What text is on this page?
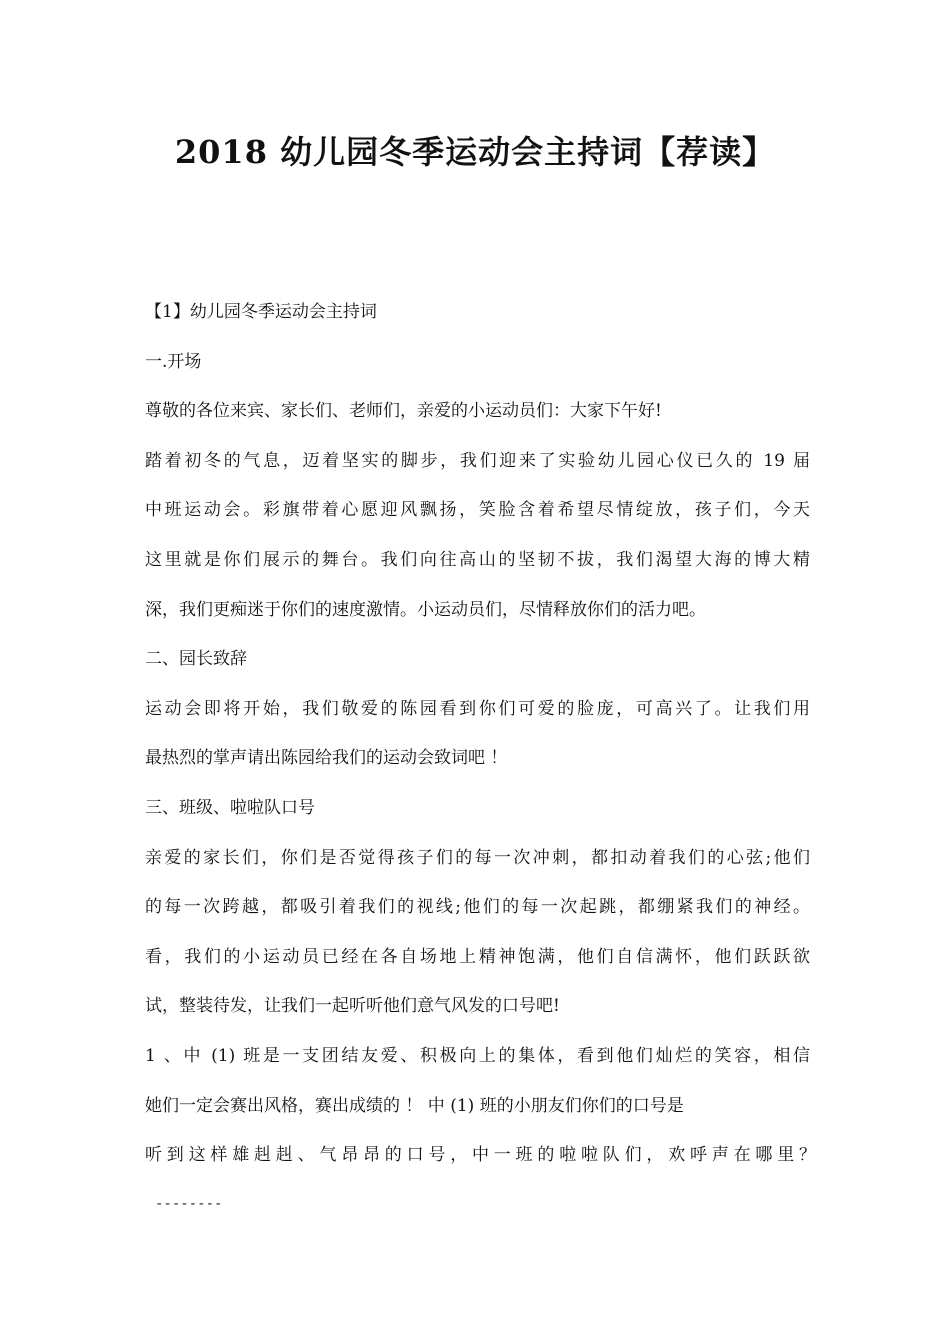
2018 幼儿园冬季运动会主持词【荐读】

【1】幼儿园冬季运动会主持词

一.开场

尊敬的各位来宾、家长们、老师们，亲爱的小运动员们：大家下午好!

踏着初冬的气息，迈着坚实的脚步，我们迎来了实验幼儿园心仪已久的 19 届

中班运动会。彩旗带着心愿迎风飘扬，笑脸含着希望尽情绽放，孩子们，今天

这里就是你们展示的舞台。我们向往高山的坚韧不拔，我们渴望大海的博大精

深，我们更痴迷于你们的速度激情。小运动员们，尽情释放你们的活力吧。

二、园长致辞

运动会即将开始，我们敬爱的陈园看到你们可爱的脸庞，可高兴了。让我们用

最热烈的掌声请出陈园给我们的运动会致词吧 ！

三、班级、啦啦队口号

亲爱的家长们，你们是否觉得孩子们的每一次冲刺，都扣动着我们的心弦;他们

的每一次跨越，都吸引着我们的视线;他们的每一次起跳，都绷紧我们的神经。

看，我们的小运动员已经在各自场地上精神饱满，他们自信满怀，他们跃跃欲

试，整装待发，让我们一起听听他们意气风发的口号吧!

1 、中 (1) 班是一支团结友爱、积极向上的集体，看到他们灿烂的笑容，相信

她们一定会赛出风格，赛出成绩的 ！ 中 (1) 班的小朋友们你们的口号是

听到这样雄赳赳、气昂昂的口号，中一班的啦啦队们，欢呼声在哪里？

--------
